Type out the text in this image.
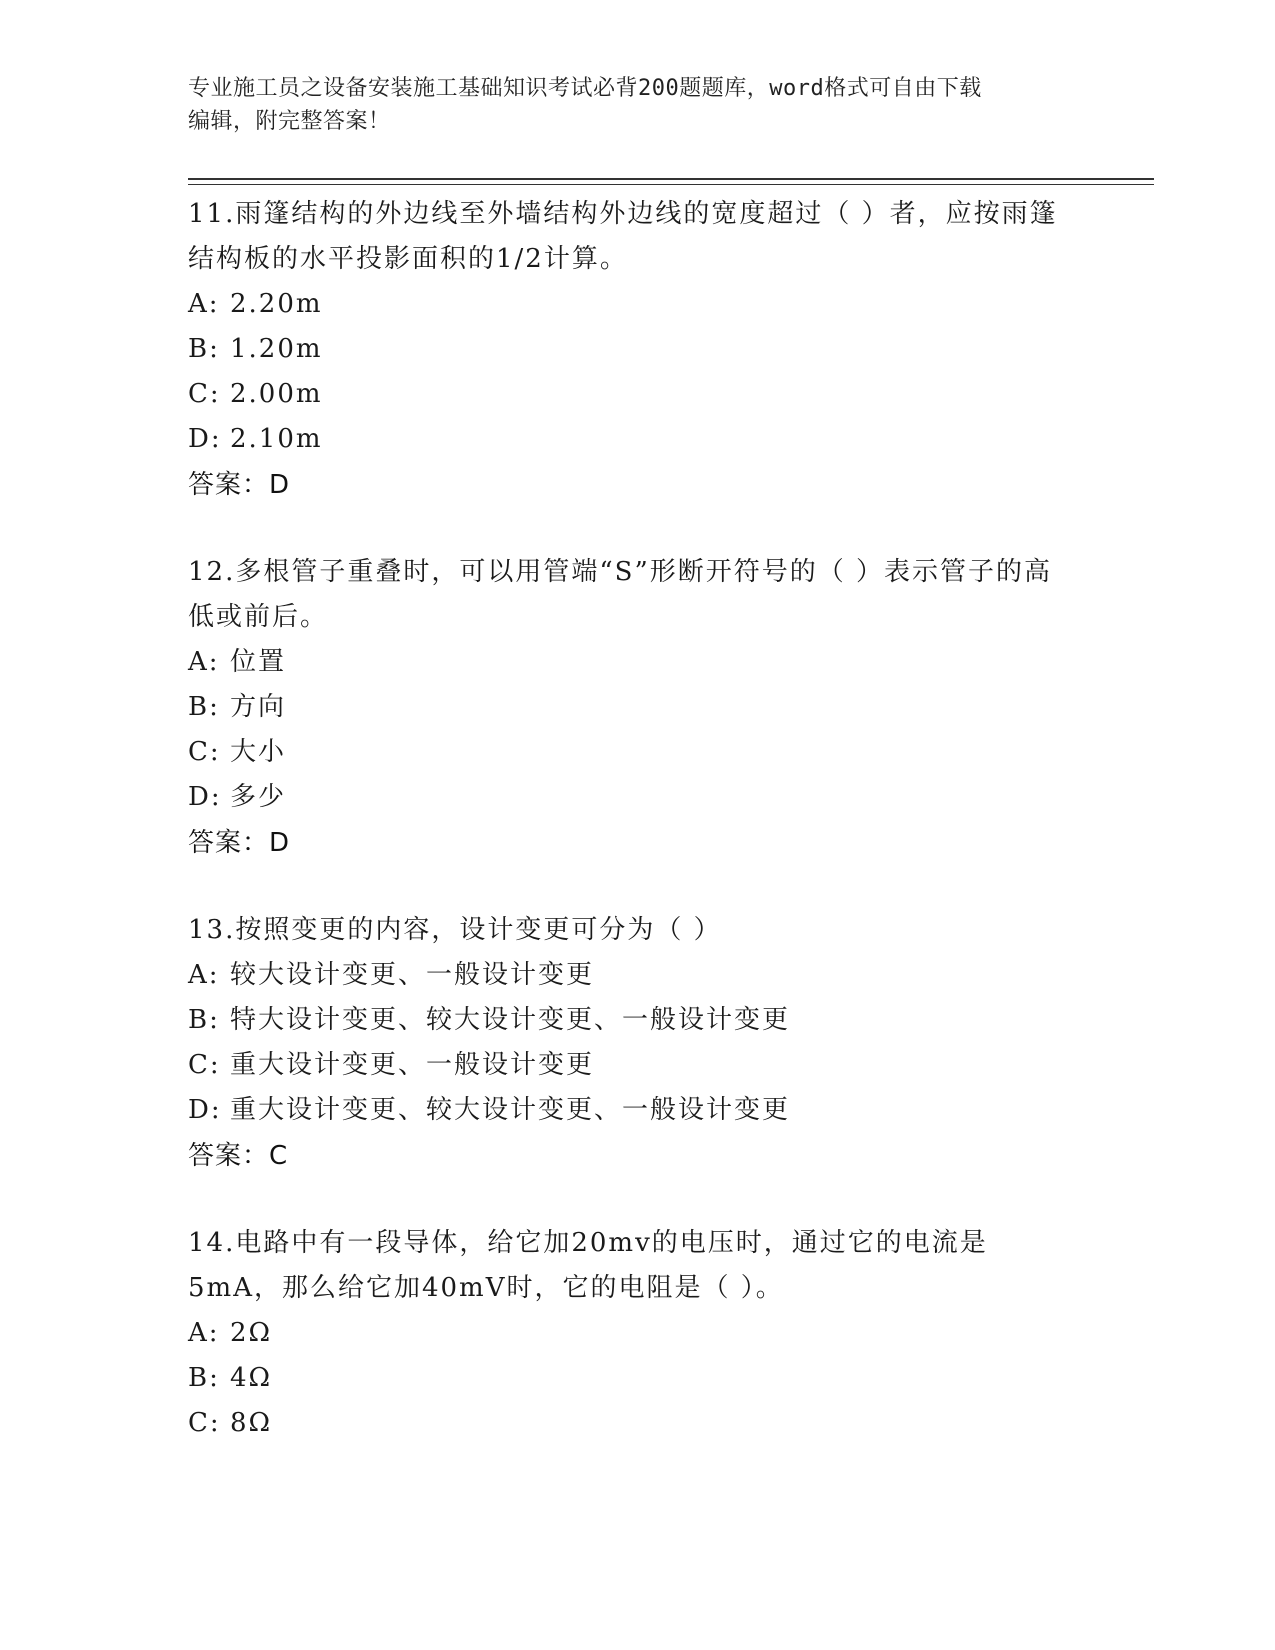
专业施工员之设备安装施工基础知识考试必背200题题库，word格式可自由下载
编辑，附完整答案！

11.雨篷结构的外边线至外墙结构外边线的宽度超过（ ）者，应按雨篷结构板的水平投影面积的1/2计算。

A: 2.20m
B: 1.20m
C: 2.00m
D: 2.10m
答案：D

12.多根管子重叠时，可以用管端“S”形断开符号的（ ）表示管子的高低或前后。

A: 位置
B: 方向
C: 大小
D: 多少
答案：D

13.按照变更的内容，设计变更可分为（ ）

A: 较大设计变更、一般设计变更
B: 特大设计变更、较大设计变更、一般设计变更
C: 重大设计变更、一般设计变更
D: 重大设计变更、较大设计变更、一般设计变更
答案：C

14.电路中有一段导体，给它加20mv的电压时，通过它的电流是5mA，那么给它加40mV时，它的电阻是（ ）。

A: 2Ω
B: 4Ω
C: 8Ω
